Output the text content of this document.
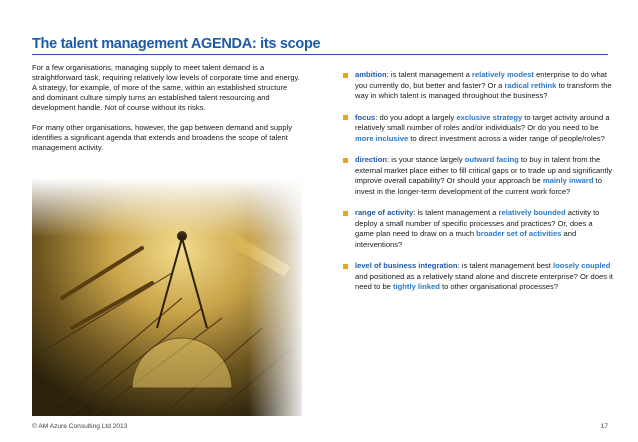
The talent management AGENDA: its scope

For a few organisations, managing supply to meet talent demand is a straightforward task, requiring relatively low levels of corporate time and energy. A strategy, for example, of more of the same, within an established structure and dominant culture simply turns an established talent resourcing and development handle. Not of course without its risks.

For many other organisations, however, the gap between demand and supply identifies a significant agenda that extends and broadens the scope of talent management activity.

ambition: is talent management a relatively modest enterprise to do what you currently do, but better and faster? Or a radical rethink to transform the way in which talent is managed throughout the business?
focus: do you adopt a largely exclusive strategy to target activity around a relatively small number of roles and/or individuals? Or do you need to be more inclusive to direct investment across a wider range of people/roles?
direction: is your stance largely outward facing to buy in talent from the external market place either to fill critical gaps or to trade up and significantly improve overall capability? Or should your approach be mainly inward to invest in the longer-term development of the current work force?
range of activity: is talent management a relatively bounded activity to deploy a small number of specific processes and practices? Or, does a game plan need to draw on a much broader set of activities and interventions?
level of business integration: is talent management best loosely coupled and positioned as a relatively stand alone and discrete enterprise? Or does it need to be tightly linked to other organisational processes?
© AM Azure Consulting Ltd 2013	17
